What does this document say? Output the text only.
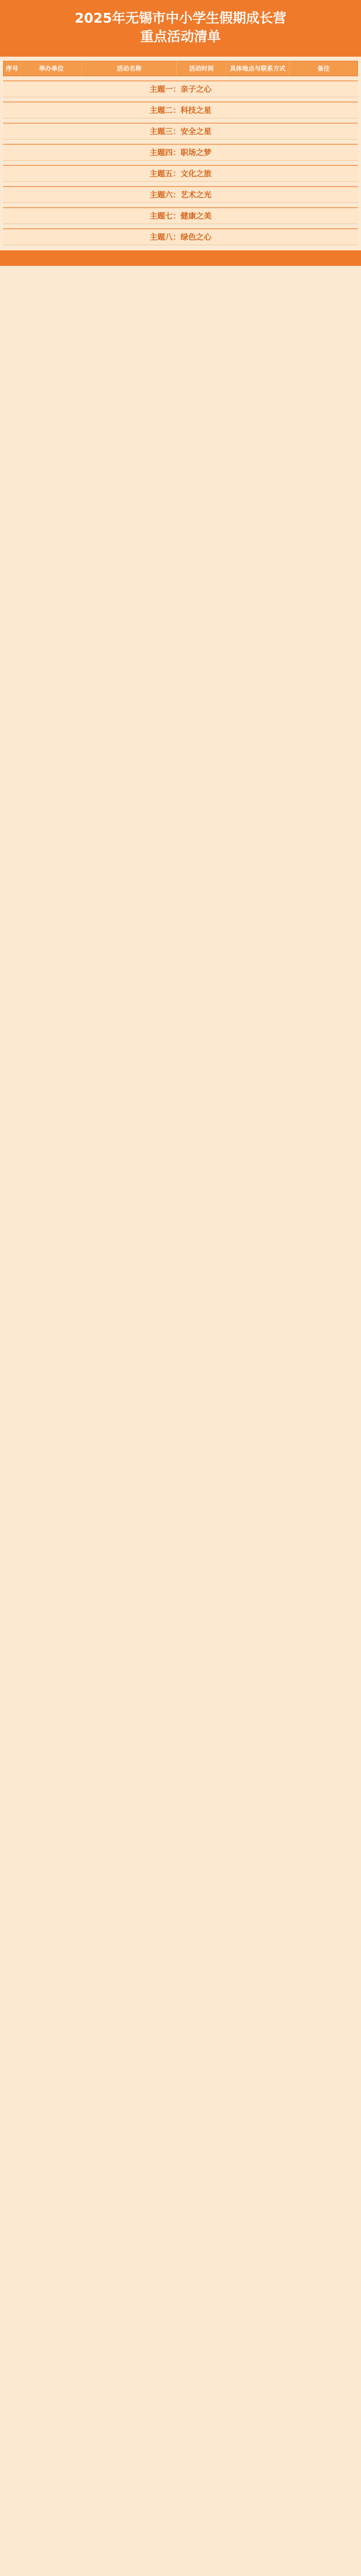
2025年无锡市中小学生假期成长营
重点活动清单
序号	举办单位	活动名称	活动时间	具体地点与联系方式	备注
主题一：亲子之心
主题二：科技之星
主题三：安全之星
主题四：职场之梦
主题五：文化之旅
主题六：艺术之光
主题七：健康之美
主题八：绿色之心
